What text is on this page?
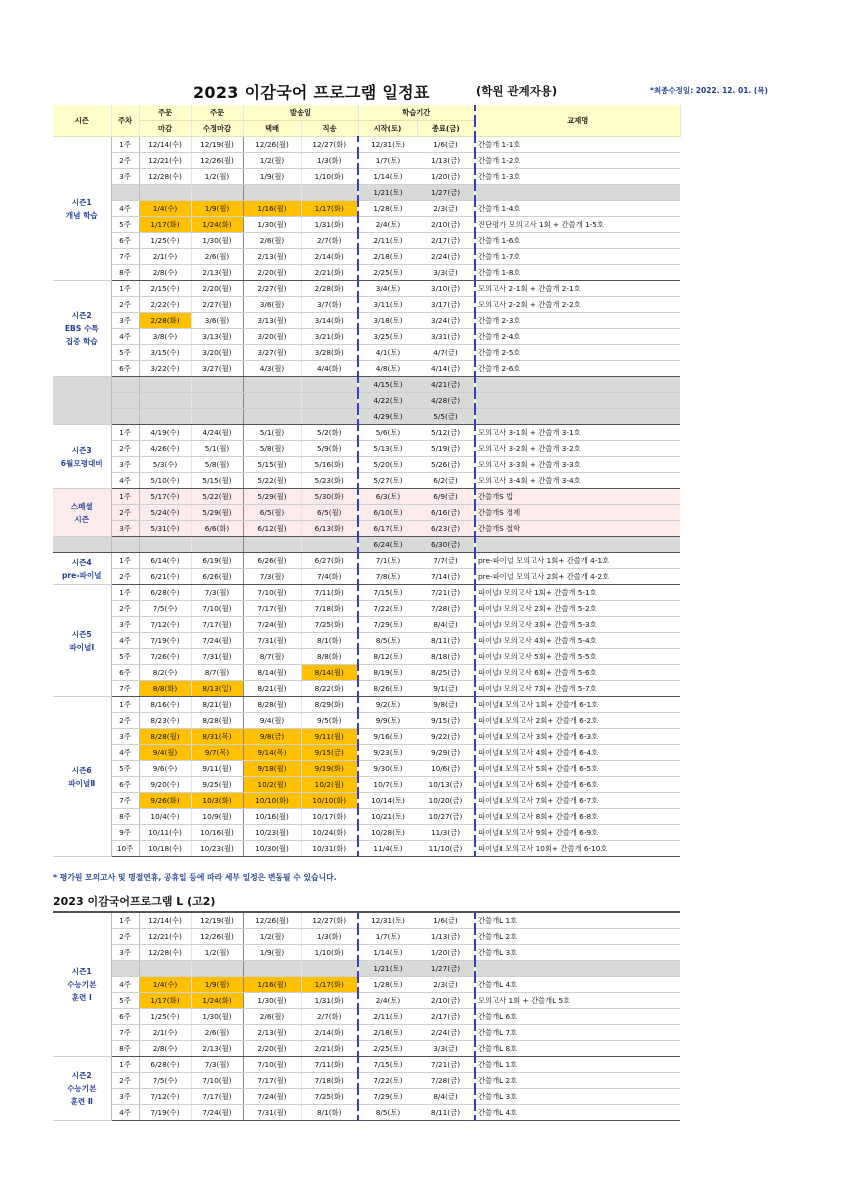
2023 이감국어 프로그램 일정표	(학원 관계자용)	*최종수정일: 2022. 12. 01. (목)
시즌	주차	주문	주문	발송일		학습기간		교재명
		마감	수정마감	택배	직송	시작(토)	종료(금)	
시즌1
개념 학습	1주	12/14(수)	12/19(월)	12/26(월)	12/27(화)	12/31(토)	1/6(금)	간쓸개 1-1호
	2주	12/21(수)	12/26(월)	1/2(월)	1/3(화)	1/7(토)	1/13(금)	간쓸개 1-2호
	3주	12/28(수)	1/2(월)	1/9(월)	1/10(화)	1/14(토)	1/20(금)	간쓸개 1-3호
						1/21(토)	1/27(금)	
	4주	1/4(수)	1/9(월)	1/16(월)	1/17(화)	1/28(토)	2/3(금)	간쓸개 1-4호
	5주	1/17(화)	1/24(화)	1/30(월)	1/31(화)	2/4(토)	2/10(금)	진단평가 모의고사 1회 + 간쓸개 1-5호
	6주	1/25(수)	1/30(월)	2/6(월)	2/7(화)	2/11(토)	2/17(금)	간쓸개 1-6호
	7주	2/1(수)	2/6(월)	2/13(월)	2/14(화)	2/18(토)	2/24(금)	간쓸개 1-7호
	8주	2/8(수)	2/13(월)	2/20(월)	2/21(화)	2/25(토)	3/3(금)	간쓸개 1-8호
시즌2
EBS 수특
집중 학습	1주	2/15(수)	2/20(월)	2/27(월)	2/28(화)	3/4(토)	3/10(금)	모의고사 2-1회 + 간쓸개 2-1호
	2주	2/22(수)	2/27(월)	3/6(월)	3/7(화)	3/11(토)	3/17(금)	모의고사 2-2회 + 간쓸개 2-2호
	3주	2/28(화)	3/6(월)	3/13(월)	3/14(화)	3/18(토)	3/24(금)	간쓸개 2-3호
	4주	3/8(수)	3/13(월)	3/20(월)	3/21(화)	3/25(토)	3/31(금)	간쓸개 2-4호
	5주	3/15(수)	3/20(월)	3/27(월)	3/28(화)	4/1(토)	4/7(금)	간쓸개 2-5호
	6주	3/22(수)	3/27(월)	4/3(월)	4/4(화)	4/8(토)	4/14(금)	간쓸개 2-6호
						4/15(토)	4/21(금)	
						4/22(토)	4/28(금)	
						4/29(토)	5/5(금)	
시즌3
6월모평대비	1주	4/19(수)	4/24(월)	5/1(월)	5/2(화)	5/6(토)	5/12(금)	모의고사 3-1회 + 간쓸개 3-1호
	2주	4/26(수)	5/1(월)	5/8(월)	5/9(화)	5/13(토)	5/19(금)	모의고사 3-2회 + 간쓸개 3-2호
	3주	5/3(수)	5/8(월)	5/15(월)	5/16(화)	5/20(토)	5/26(금)	모의고사 3-3회 + 간쓸개 3-3호
	4주	5/10(수)	5/15(월)	5/22(월)	5/23(화)	5/27(토)	6/2(금)	모의고사 3-4회 + 간쓸개 3-4호
스페셜
시즌	1주	5/17(수)	5/22(월)	5/29(월)	5/30(화)	6/3(토)	6/9(금)	간쓸개S 법
	2주	5/24(수)	5/29(월)	6/5(월)	6/5(월)	6/10(토)	6/16(금)	간쓸개S 경제
	3주	5/31(수)	6/6(화)	6/12(월)	6/13(화)	6/17(토)	6/23(금)	간쓸개S 철학
						6/24(토)	6/30(금)	
시즌4
pre-파이널	1주	6/14(수)	6/19(월)	6/26(월)	6/27(화)	7/1(토)	7/7(금)	pre-파이널 모의고사 1회+ 간쓸개 4-1호
	2주	6/21(수)	6/26(월)	7/3(월)	7/4(화)	7/8(토)	7/14(금)	pre-파이널 모의고사 2회+ 간쓸개 4-2호
시즌5
파이널Ⅰ	1주	6/28(수)	7/3(월)	7/10(월)	7/11(화)	7/15(토)	7/21(금)	파이널Ⅰ 모의고사 1회+ 간쓸개 5-1호
	2주	7/5(수)	7/10(월)	7/17(월)	7/18(화)	7/22(토)	7/28(금)	파이널Ⅰ 모의고사 2회+ 간쓸개 5-2호
	3주	7/12(수)	7/17(월)	7/24(월)	7/25(화)	7/29(토)	8/4(금)	파이널Ⅰ 모의고사 3회+ 간쓸개 5-3호
	4주	7/19(수)	7/24(월)	7/31(월)	8/1(화)	8/5(토)	8/11(금)	파이널Ⅰ 모의고사 4회+ 간쓸개 5-4호
	5주	7/26(수)	7/31(월)	8/7(월)	8/8(화)	8/12(토)	8/18(금)	파이널Ⅰ 모의고사 5회+ 간쓸개 5-5호
	6주	8/2(수)	8/7(월)	8/14(월)	8/14(월)	8/19(토)	8/25(금)	파이널Ⅰ 모의고사 6회+ 간쓸개 5-6호
	7주	8/8(화)	8/13(일)	8/21(월)	8/22(화)	8/26(토)	9/1(금)	파이널Ⅰ 모의고사 7회+ 간쓸개 5-7호
시즌6
파이널Ⅱ	1주	8/16(수)	8/21(월)	8/28(월)	8/29(화)	9/2(토)	9/8(금)	파이널Ⅱ 모의고사 1회+ 간쓸개 6-1호
	2주	8/23(수)	8/28(월)	9/4(월)	9/5(화)	9/9(토)	9/15(금)	파이널Ⅱ 모의고사 2회+ 간쓸개 6-2호
	3주	8/28(월)	8/31(목)	9/8(금)	9/11(월)	9/16(토)	9/22(금)	파이널Ⅱ 모의고사 3회+ 간쓸개 6-3호
	4주	9/4(월)	9/7(목)	9/14(목)	9/15(금)	9/23(토)	9/29(금)	파이널Ⅱ 모의고사 4회+ 간쓸개 6-4호
	5주	9/6(수)	9/11(월)	9/18(월)	9/19(화)	9/30(토)	10/6(금)	파이널Ⅱ 모의고사 5회+ 간쓸개 6-5호
	6주	9/20(수)	9/25(월)	10/2(월)	10/2(월)	10/7(토)	10/13(금)	파이널Ⅱ 모의고사 6회+ 간쓸개 6-6호
	7주	9/26(화)	10/3(화)	10/10(화)	10/10(화)	10/14(토)	10/20(금)	파이널Ⅱ 모의고사 7회+ 간쓸개 6-7호
	8주	10/4(수)	10/9(월)	10/16(월)	10/17(화)	10/21(토)	10/27(금)	파이널Ⅱ 모의고사 8회+ 간쓸개 6-8호
	9주	10/11(수)	10/16(월)	10/23(월)	10/24(화)	10/28(토)	11/3(금)	파이널Ⅱ 모의고사 9회+ 간쓸개 6-9호
	10주	10/18(수)	10/23(월)	10/30(월)	10/31(화)	11/4(토)	11/10(금)	파이널Ⅱ 모의고사 10회+ 간쓸개 6-10호
* 평가원 모의고사 및 명절연휴, 공휴일 등에 따라 세부 일정은 변동될 수 있습니다.
2023 이감국어프로그램 L (고2)
시즌1
수능기본
훈련 Ⅰ	1주	12/14(수)	12/19(월)	12/26(월)	12/27(화)	12/31(토)	1/6(금)	간쓸개L 1호
	2주	12/21(수)	12/26(월)	1/2(월)	1/3(화)	1/7(토)	1/13(금)	간쓸개L 2호
	3주	12/28(수)	1/2(월)	1/9(월)	1/10(화)	1/14(토)	1/20(금)	간쓸개L 3호
						1/21(토)	1/27(금)	
	4주	1/4(수)	1/9(월)	1/16(월)	1/17(화)	1/28(토)	2/3(금)	간쓸개L 4호
	5주	1/17(화)	1/24(화)	1/30(월)	1/31(화)	2/4(토)	2/10(금)	모의고사 1회 + 간쓸개L 5호
	6주	1/25(수)	1/30(월)	2/6(월)	2/7(화)	2/11(토)	2/17(금)	간쓸개L 6호
	7주	2/1(수)	2/6(월)	2/13(월)	2/14(화)	2/18(토)	2/24(금)	간쓸개L 7호
	8주	2/8(수)	2/13(월)	2/20(월)	2/21(화)	2/25(토)	3/3(금)	간쓸개L 8호
시즌2
수능기본
훈련 Ⅱ	1주	6/28(수)	7/3(월)	7/10(월)	7/11(화)	7/15(토)	7/21(금)	간쓸개L 1호
	2주	7/5(수)	7/10(월)	7/17(월)	7/18(화)	7/22(토)	7/28(금)	간쓸개L 2호
	3주	7/12(수)	7/17(월)	7/24(월)	7/25(화)	7/29(토)	8/4(금)	간쓸개L 3호
	4주	7/19(수)	7/24(월)	7/31(월)	8/1(화)	8/5(토)	8/11(금)	간쓸개L 4호
